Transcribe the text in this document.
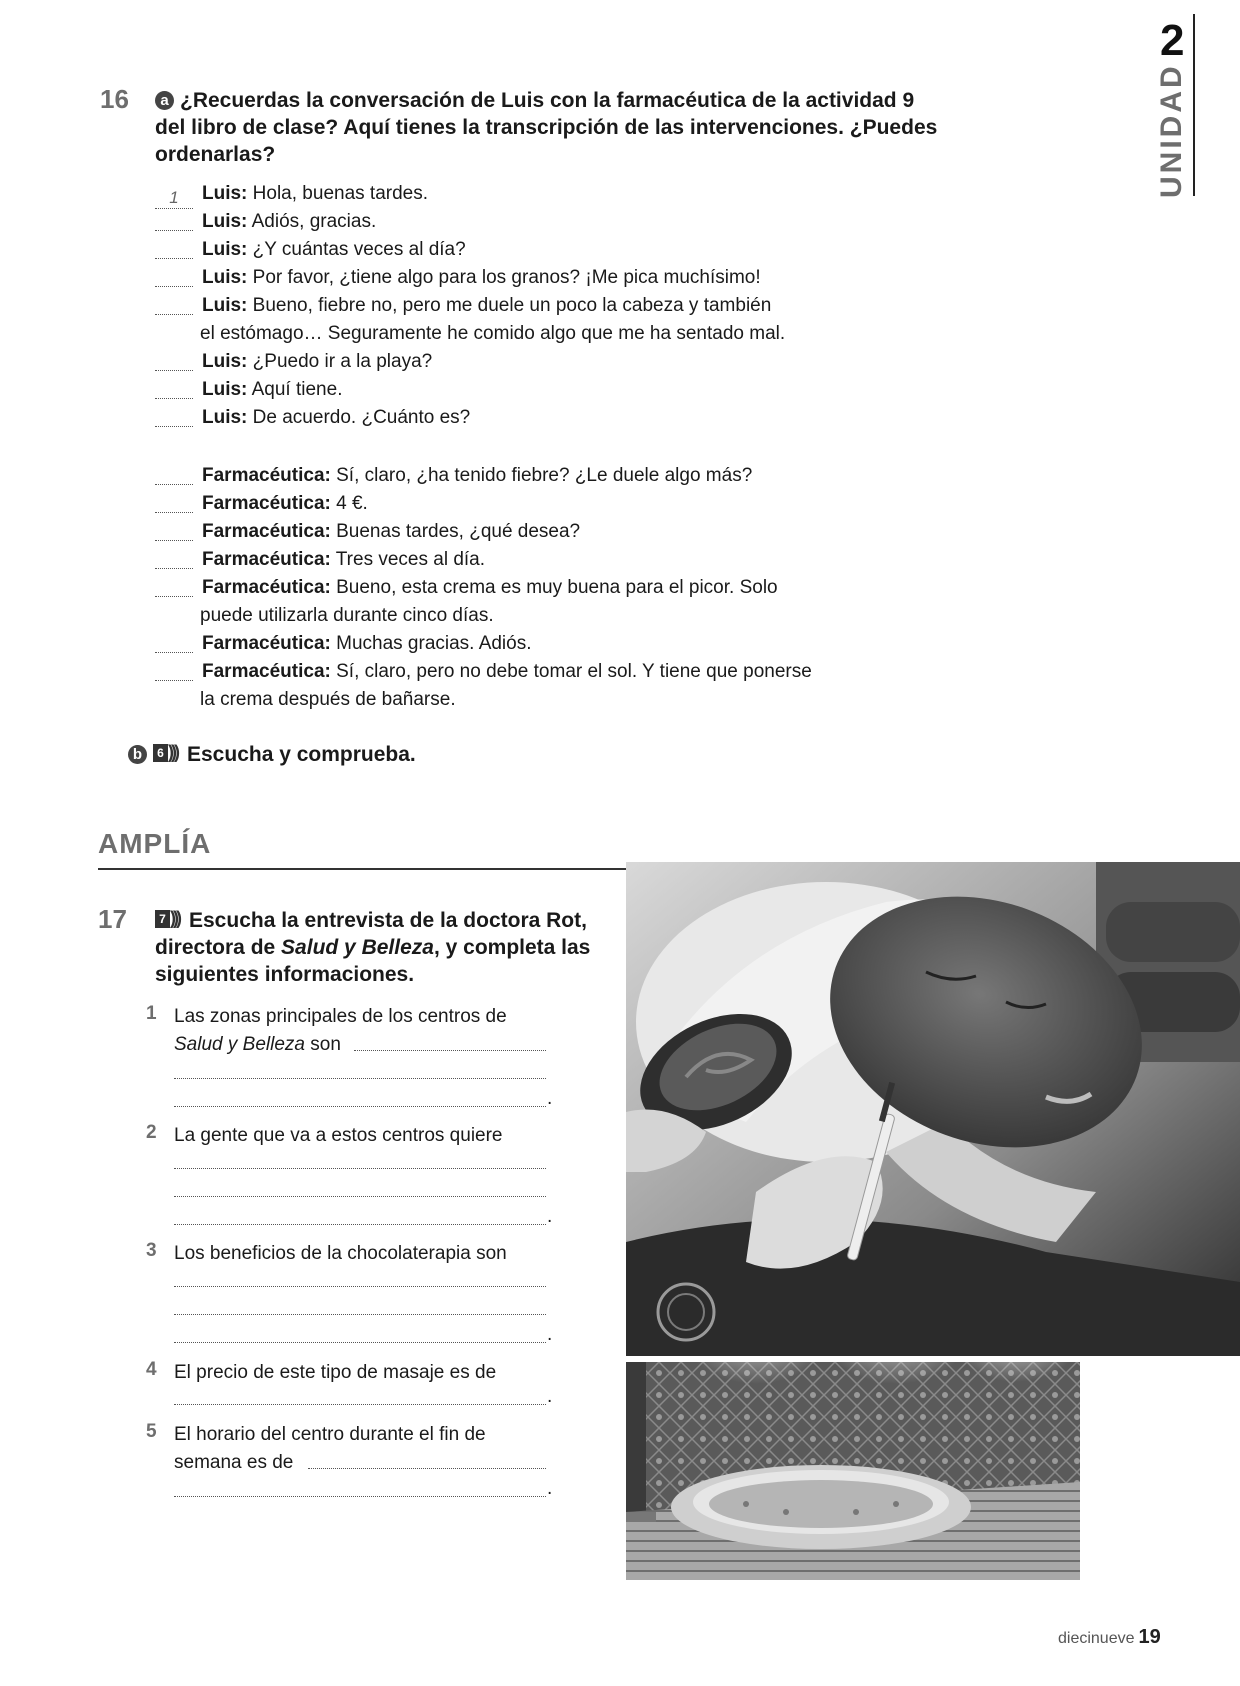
2
UNIDAD
16	a ¿Recuerdas la conversación de Luis con la farmacéutica de la actividad 9
del libro de clase? Aquí tienes la transcripción de las intervenciones. ¿Puedes
ordenarlas?
1 Luis: Hola, buenas tardes.
Luis: Adiós, gracias.
Luis: ¿Y cuántas veces al día?
Luis: Por favor, ¿tiene algo para los granos? ¡Me pica muchísimo!
Luis: Bueno, fiebre no, pero me duele un poco la cabeza y también
el estómago… Seguramente he comido algo que me ha sentado mal.
Luis: ¿Puedo ir a la playa?
Luis: Aquí tiene.
Luis: De acuerdo. ¿Cuánto es?
Farmacéutica: Sí, claro, ¿ha tenido fiebre? ¿Le duele algo más?
Farmacéutica: 4 €.
Farmacéutica: Buenas tardes, ¿qué desea?
Farmacéutica: Tres veces al día.
Farmacéutica: Bueno, esta crema es muy buena para el picor. Solo
puede utilizarla durante cinco días.
Farmacéutica: Muchas gracias. Adiós.
Farmacéutica: Sí, claro, pero no debe tomar el sol. Y tiene que ponerse
la crema después de bañarse.
b	6 ))) Escucha y comprueba.
AMPLÍA
17	7 ))) Escucha la entrevista de la doctora Rot,
directora de Salud y Belleza, y completa las
siguientes informaciones.
1 Las zonas principales de los centros de
Salud y Belleza son
.
2 La gente que va a estos centros quiere
.
3 Los beneficios de la chocolaterapia son
.
4 El precio de este tipo de masaje es de
.
5 El horario del centro durante el fin de
semana es de
.
diecinueve 19
